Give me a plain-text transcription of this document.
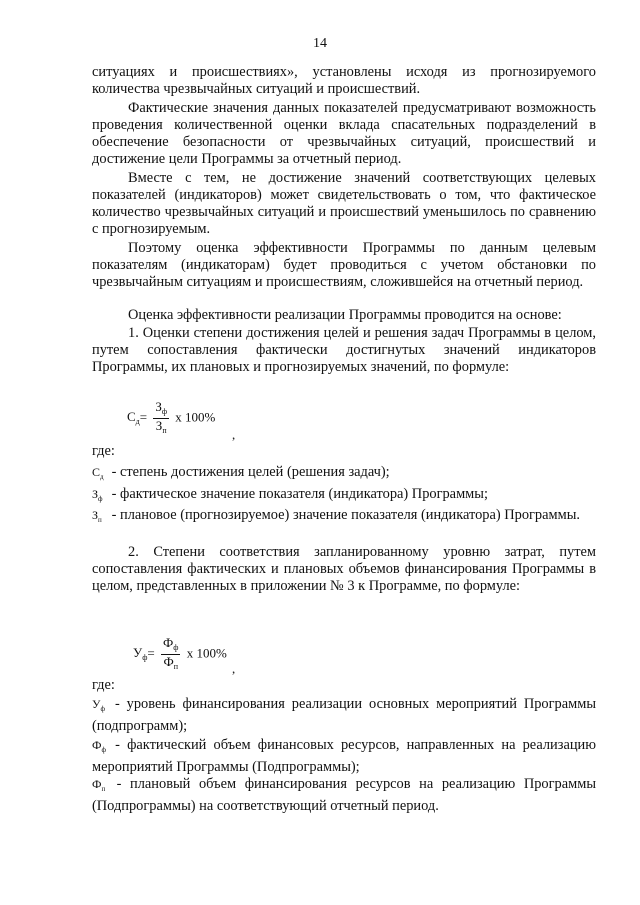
14
ситуациях и происшествиях», установлены исходя из прогнозируемого количества чрезвычайных ситуаций и происшествий.
Фактические значения данных показателей предусматривают возможность проведения количественной оценки вклада спасательных подразделений в обеспечение безопасности от чрезвычайных ситуаций, происшествий и достижение цели Программы за отчетный период.
Вместе с тем, не достижение значений соответствующих целевых показателей (индикаторов) может свидетельствовать о том, что фактическое количество чрезвычайных ситуаций и происшествий уменьшилось по сравнению с прогнозируемым.
Поэтому оценка эффективности Программы по данным целевым показателям (индикаторам) будет проводиться с учетом обстановки по чрезвычайным ситуациям и происшествиям, сложившейся на отчетный период.
Оценка эффективности реализации Программы проводится на основе:
1. Оценки степени достижения целей и решения задач Программы в целом, путем сопоставления фактически достигнутых значений индикаторов Программы, их плановых и прогнозируемых значений, по формуле:
$С_д= \frac{З_ф}{З_п}$ x 100%
,
где:
$С_д$ - степень достижения целей (решения задач);
$З_ф$ - фактическое значение показателя (индикатора) Программы;
$З_п$ - плановое (прогнозируемое) значение показателя (индикатора) Программы.
2. Степени соответствия запланированному уровню затрат, путем сопоставления фактических и плановых объемов финансирования Программы в целом, представленных в приложении № 3 к Программе, по формуле:
$У_ф= \frac{Ф_ф}{Ф_п}$ x 100%
,
где:
$У_ф$ - уровень финансирования реализации основных мероприятий Программы (подпрограмм);
$Ф_ф$ - фактический объем финансовых ресурсов, направленных на реализацию мероприятий Программы (Подпрограммы);
$Ф_п$ - плановый объем финансирования ресурсов на реализацию Программы (Подпрограммы) на соответствующий отчетный период.
